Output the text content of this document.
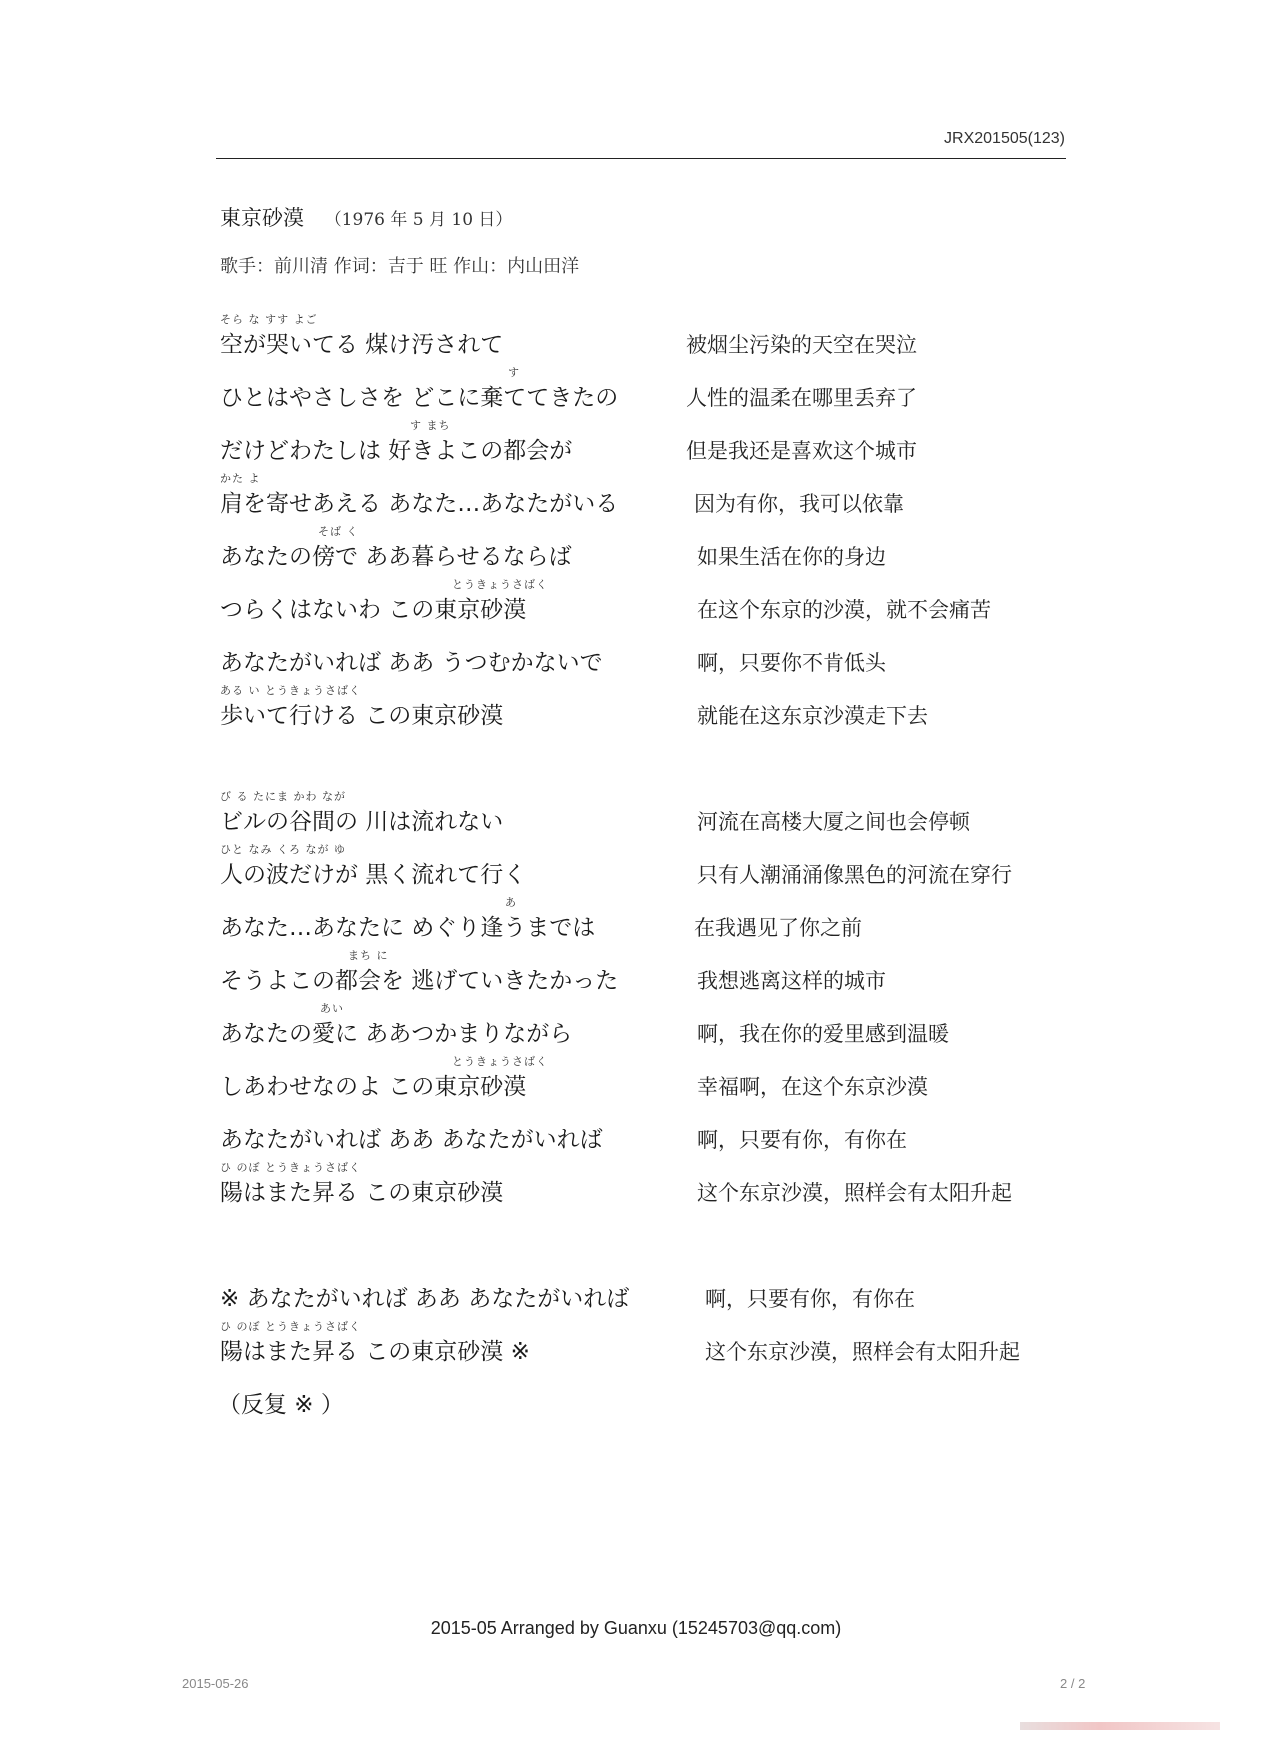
JRX201505(123)
東京砂漠 （1976 年 5 月 10 日）
歌手：前川清 作词：吉于 旺 作山：内山田洋
そら な すす よご
空が哭いてる 煤け汚されて	被烟尘污染的天空在哭泣
す
ひとはやさしさを どこに棄ててきたの	人性的温柔在哪里丢弃了
す まち
だけどわたしは 好きよこの都会が	但是我还是喜欢这个城市
かた よ
肩を寄せあえる あなた…あなたがいる	因为有你，我可以依靠
そば く
あなたの傍で ああ暮らせるならば	如果生活在你的身边
とうきょうさばく
つらくはないわ この東京砂漠	在这个东京的沙漠，就不会痛苦
あなたがいれば ああ うつむかないで	啊，只要你不肯低头
ある い とうきょうさばく
歩いて行ける この東京砂漠	就能在这东京沙漠走下去
び る たにま かわ なが
ビルの谷間の 川は流れない	河流在高楼大厦之间也会停顿
ひと なみ くろ なが ゆ
人の波だけが 黒く流れて行く	只有人潮涌涌像黑色的河流在穿行
あ
あなた…あなたに めぐり逢うまでは	在我遇见了你之前
まち に
そうよこの都会を 逃げていきたかった	我想逃离这样的城市
あい
あなたの愛に ああつかまりながら	啊，我在你的爱里感到温暖
とうきょうさばく
しあわせなのよ この東京砂漠	幸福啊，在这个东京沙漠
あなたがいれば ああ あなたがいれば	啊，只要有你，有你在
ひ のぼ とうきょうさばく
陽はまた昇る この東京砂漠	这个东京沙漠，照样会有太阳升起
※ あなたがいれば ああ あなたがいれば	啊，只要有你，有你在
ひ のぼ とうきょうさばく
陽はまた昇る この東京砂漠 ※	这个东京沙漠，照样会有太阳升起
（反复 ※ ）
2015-05 Arranged by Guanxu (15245703@qq.com)
2015-05-26	2 / 2
